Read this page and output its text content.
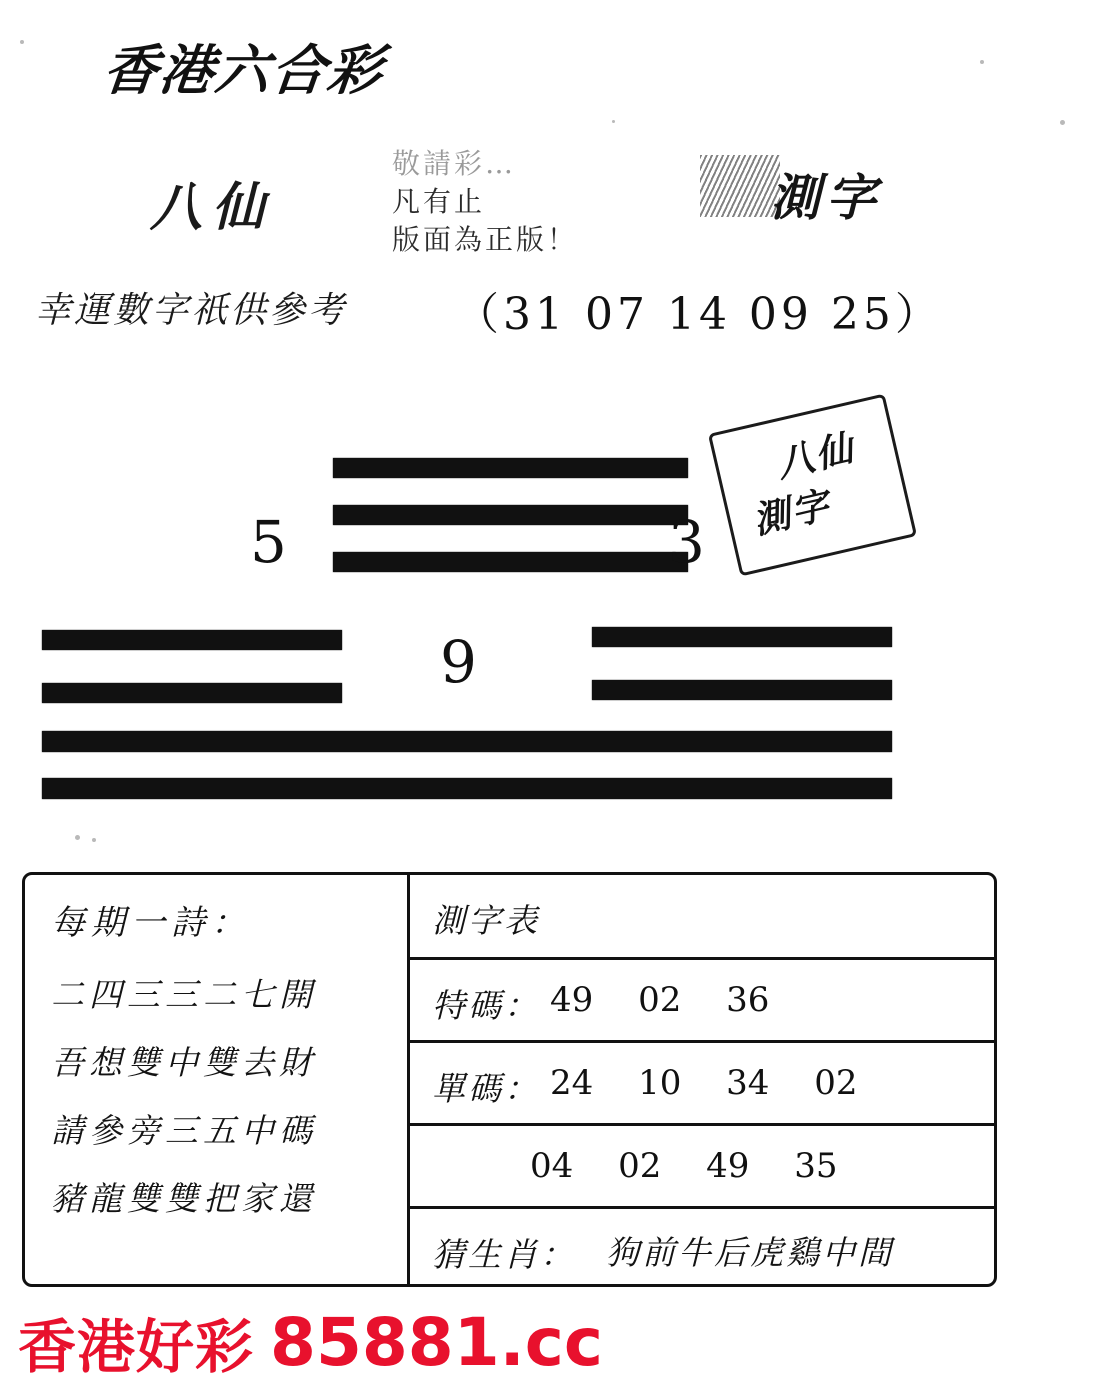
香港六合彩
八仙
敬請彩…
凡有止
版面為正版！
測字
幸運數字祇供參考 （31 07 14 09 25）
5	3
9
八仙
測字
每期一詩：
二四三三二七開
吾想雙中雙去財
請參旁三五中碼
豬龍雙雙把家還
測字表
特碼： 49 02 36
單碼： 24 10 34 02
04 02 49 35
猜生肖： 狗前牛后虎鷄中間
香港好彩 85881.cc
